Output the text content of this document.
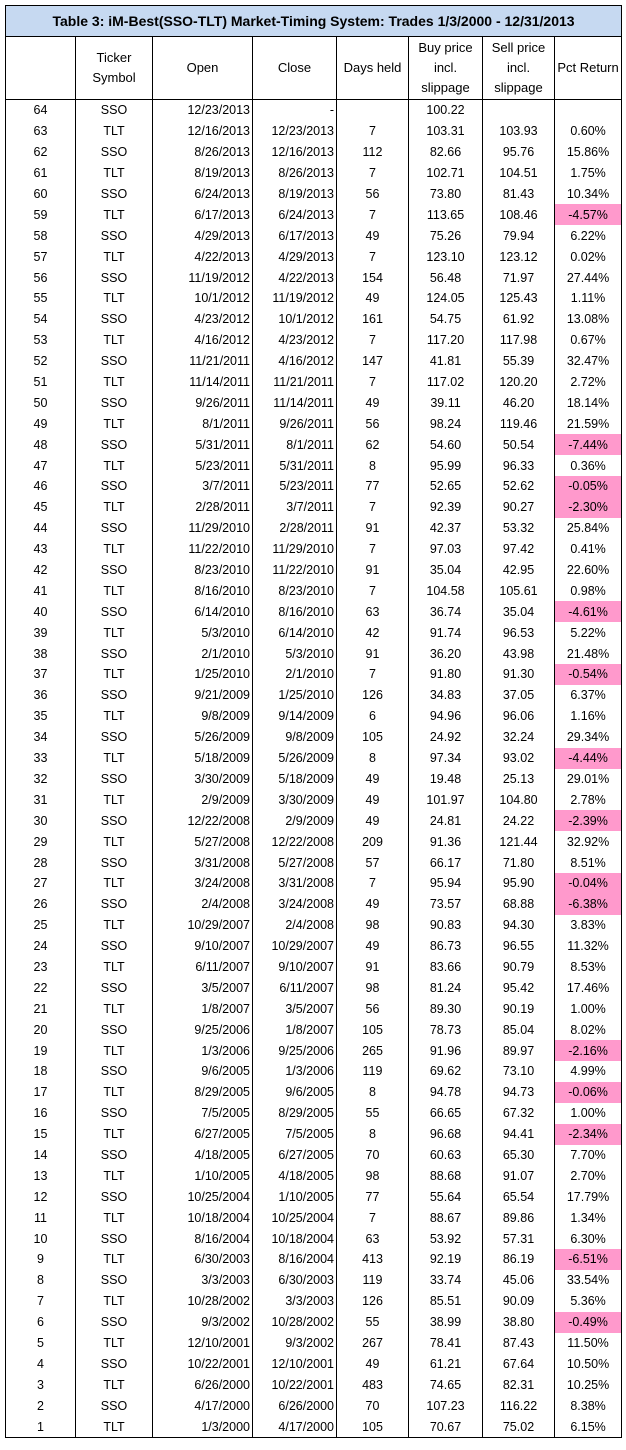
Table 3: iM-Best(SSO-TLT) Market-Timing System: Trades 1/3/2000 - 12/31/2013							
	Ticker Symbol	Open	Close	Days held	Buy price incl. slippage	Sell price incl. slippage	Pct Return
64	SSO	12/23/2013	-		100.22		
63	TLT	12/16/2013	12/23/2013	7	103.31	103.93	0.60%
62	SSO	8/26/2013	12/16/2013	112	82.66	95.76	15.86%
61	TLT	8/19/2013	8/26/2013	7	102.71	104.51	1.75%
60	SSO	6/24/2013	8/19/2013	56	73.80	81.43	10.34%
59	TLT	6/17/2013	6/24/2013	7	113.65	108.46	-4.57%
58	SSO	4/29/2013	6/17/2013	49	75.26	79.94	6.22%
57	TLT	4/22/2013	4/29/2013	7	123.10	123.12	0.02%
56	SSO	11/19/2012	4/22/2013	154	56.48	71.97	27.44%
55	TLT	10/1/2012	11/19/2012	49	124.05	125.43	1.11%
54	SSO	4/23/2012	10/1/2012	161	54.75	61.92	13.08%
53	TLT	4/16/2012	4/23/2012	7	117.20	117.98	0.67%
52	SSO	11/21/2011	4/16/2012	147	41.81	55.39	32.47%
51	TLT	11/14/2011	11/21/2011	7	117.02	120.20	2.72%
50	SSO	9/26/2011	11/14/2011	49	39.11	46.20	18.14%
49	TLT	8/1/2011	9/26/2011	56	98.24	119.46	21.59%
48	SSO	5/31/2011	8/1/2011	62	54.60	50.54	-7.44%
47	TLT	5/23/2011	5/31/2011	8	95.99	96.33	0.36%
46	SSO	3/7/2011	5/23/2011	77	52.65	52.62	-0.05%
45	TLT	2/28/2011	3/7/2011	7	92.39	90.27	-2.30%
44	SSO	11/29/2010	2/28/2011	91	42.37	53.32	25.84%
43	TLT	11/22/2010	11/29/2010	7	97.03	97.42	0.41%
42	SSO	8/23/2010	11/22/2010	91	35.04	42.95	22.60%
41	TLT	8/16/2010	8/23/2010	7	104.58	105.61	0.98%
40	SSO	6/14/2010	8/16/2010	63	36.74	35.04	-4.61%
39	TLT	5/3/2010	6/14/2010	42	91.74	96.53	5.22%
38	SSO	2/1/2010	5/3/2010	91	36.20	43.98	21.48%
37	TLT	1/25/2010	2/1/2010	7	91.80	91.30	-0.54%
36	SSO	9/21/2009	1/25/2010	126	34.83	37.05	6.37%
35	TLT	9/8/2009	9/14/2009	6	94.96	96.06	1.16%
34	SSO	5/26/2009	9/8/2009	105	24.92	32.24	29.34%
33	TLT	5/18/2009	5/26/2009	8	97.34	93.02	-4.44%
32	SSO	3/30/2009	5/18/2009	49	19.48	25.13	29.01%
31	TLT	2/9/2009	3/30/2009	49	101.97	104.80	2.78%
30	SSO	12/22/2008	2/9/2009	49	24.81	24.22	-2.39%
29	TLT	5/27/2008	12/22/2008	209	91.36	121.44	32.92%
28	SSO	3/31/2008	5/27/2008	57	66.17	71.80	8.51%
27	TLT	3/24/2008	3/31/2008	7	95.94	95.90	-0.04%
26	SSO	2/4/2008	3/24/2008	49	73.57	68.88	-6.38%
25	TLT	10/29/2007	2/4/2008	98	90.83	94.30	3.83%
24	SSO	9/10/2007	10/29/2007	49	86.73	96.55	11.32%
23	TLT	6/11/2007	9/10/2007	91	83.66	90.79	8.53%
22	SSO	3/5/2007	6/11/2007	98	81.24	95.42	17.46%
21	TLT	1/8/2007	3/5/2007	56	89.30	90.19	1.00%
20	SSO	9/25/2006	1/8/2007	105	78.73	85.04	8.02%
19	TLT	1/3/2006	9/25/2006	265	91.96	89.97	-2.16%
18	SSO	9/6/2005	1/3/2006	119	69.62	73.10	4.99%
17	TLT	8/29/2005	9/6/2005	8	94.78	94.73	-0.06%
16	SSO	7/5/2005	8/29/2005	55	66.65	67.32	1.00%
15	TLT	6/27/2005	7/5/2005	8	96.68	94.41	-2.34%
14	SSO	4/18/2005	6/27/2005	70	60.63	65.30	7.70%
13	TLT	1/10/2005	4/18/2005	98	88.68	91.07	2.70%
12	SSO	10/25/2004	1/10/2005	77	55.64	65.54	17.79%
11	TLT	10/18/2004	10/25/2004	7	88.67	89.86	1.34%
10	SSO	8/16/2004	10/18/2004	63	53.92	57.31	6.30%
9	TLT	6/30/2003	8/16/2004	413	92.19	86.19	-6.51%
8	SSO	3/3/2003	6/30/2003	119	33.74	45.06	33.54%
7	TLT	10/28/2002	3/3/2003	126	85.51	90.09	5.36%
6	SSO	9/3/2002	10/28/2002	55	38.99	38.80	-0.49%
5	TLT	12/10/2001	9/3/2002	267	78.41	87.43	11.50%
4	SSO	10/22/2001	12/10/2001	49	61.21	67.64	10.50%
3	TLT	6/26/2000	10/22/2001	483	74.65	82.31	10.25%
2	SSO	4/17/2000	6/26/2000	70	107.23	116.22	8.38%
1	TLT	1/3/2000	4/17/2000	105	70.67	75.02	6.15%
